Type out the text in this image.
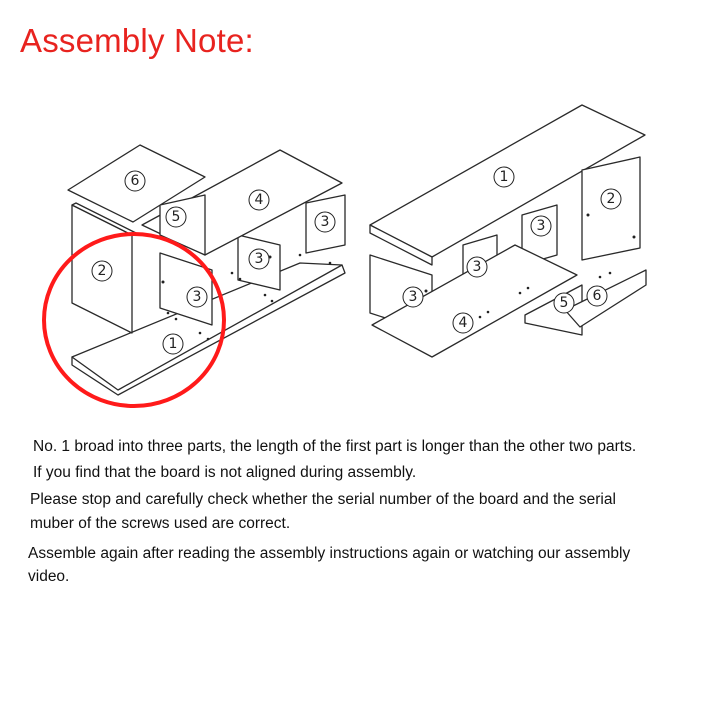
Assembly Note:
6
4
5	3
3
2
3
1
1
2
3
3
3
4
5 6

No. 1 broad into three parts, the length of the first part is longer than the other two parts.

If you find that the board is not aligned during assembly.

Please stop and carefully check whether the serial number of the board and the serial

muber of the screws used are correct.

Assemble again after reading the assembly instructions again or watching our assembly

video.
